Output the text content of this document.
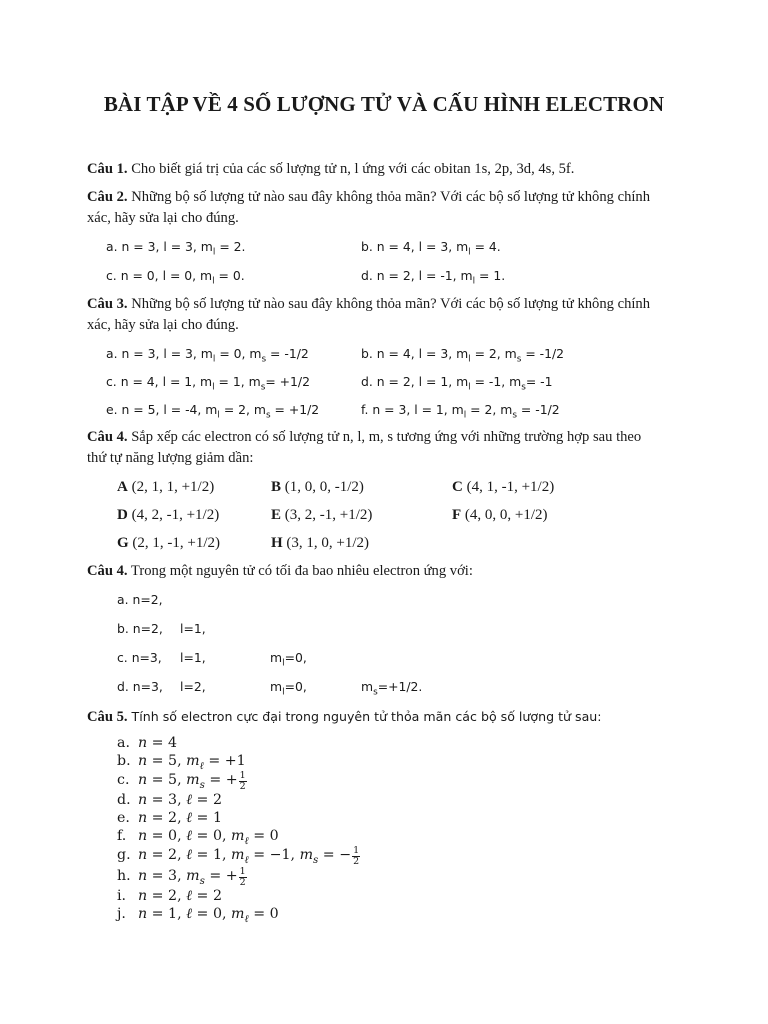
BÀI TẬP VỀ 4 SỐ LƯỢNG TỬ VÀ CẤU HÌNH ELECTRON
Câu 1. Cho biết giá trị của các số lượng tử n, l ứng với các obitan 1s, 2p, 3d, 4s, 5f.
Câu 2. Những bộ số lượng tử nào sau đây không thỏa mãn? Với các bộ số lượng tử không chính
xác, hãy sửa lại cho đúng.
a. n = 3, l = 3, $m_l = 2$.	b. n = 4, l = 3, $m_l = 4$.
c. n = 0, l = 0, $m_l = 0$.	d. n = 2, l = -1, $m_l = 1$.
Câu 3. Những bộ số lượng tử nào sau đây không thỏa mãn? Với các bộ số lượng tử không chính
xác, hãy sửa lại cho đúng.
a. n = 3, l = 3, $m_l = 0$, $m_s = -1/2$	b. n = 4, l = 3, $m_l = 2$, $m_s = -1/2$
c. n = 4, l = 1, $m_l = 1$, $m_s= +1/2$	d. n = 2, l = 1, $m_l = -1$, $m_s= -1$
e. n = 5, l = -4, $m_l = 2$, $m_s = +1/2$	f. n = 3, l = 1, $m_l = 2$, $m_s = -1/2$
Câu 4. Sắp xếp các electron có số lượng tử n, l, m, s tương ứng với những trường hợp sau theo
thứ tự năng lượng giảm dần:
A (2, 1, 1, +1/2)	B (1, 0, 0, -1/2)	C (4, 1, -1, +1/2)
D (4, 2, -1, +1/2)	E (3, 2, -1, +1/2)	F (4, 0, 0, +1/2)
G (2, 1, -1, +1/2)	H (3, 1, 0, +1/2)
Câu 4. Trong một nguyên tử có tối đa bao nhiêu electron ứng với:
a. n=2,
b. n=2, l=1,
c. n=3, l=1,	$m_l=0$,
d. n=3, l=2,	$m_l=0$,	$m_s=+1/2$.
Câu 5. Tính số electron cực đại trong nguyên tử thỏa mãn các bộ số lượng tử sau:
a. n = 4
b. n = 5, $m_\ell = +1$
c. n = 5, $m_s$ = + $\frac{1}{2}$
d. n = 3, ℓ = 2
e. n = 2, ℓ = 1
f. n = 0, ℓ = 0, $m_\ell = 0$
g. n = 2, ℓ = 1, $m_\ell = -1$, $m_s$ = − $\frac{1}{2}$
h. n = 3, $m_s$ = + $\frac{1}{2}$
i. n = 2, ℓ = 2
j. n = 1, ℓ = 0, $m_\ell = 0$
